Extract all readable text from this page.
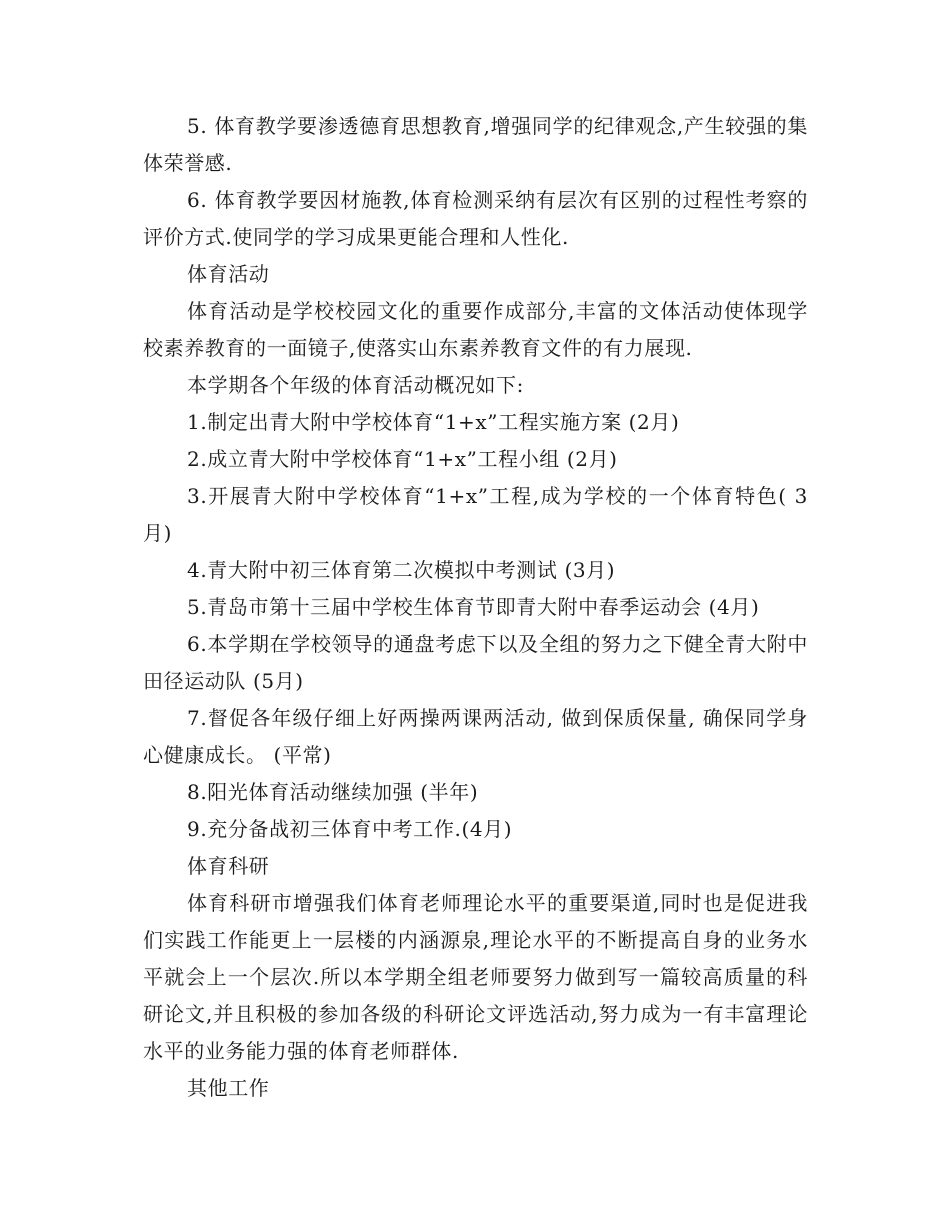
5. 体育教学要渗透德育思想教育,增强同学的纪律观念,产生较强的集体荣誉感.

6. 体育教学要因材施教,体育检测采纳有层次有区别的过程性考察的评价方式.使同学的学习成果更能合理和人性化.

体育活动

体育活动是学校校园文化的重要作成部分,丰富的文体活动使体现学校素养教育的一面镜子,使落实山东素养教育文件的有力展现.

本学期各个年级的体育活动概况如下:

1.制定出青大附中学校体育“1+x”工程实施方案 (2月)

2.成立青大附中学校体育“1+x”工程小组 (2月)

3.开展青大附中学校体育“1+x”工程,成为学校的一个体育特色( 3月)

4.青大附中初三体育第二次模拟中考测试 (3月)

5.青岛市第十三届中学校生体育节即青大附中春季运动会 (4月)

6.本学期在学校领导的通盘考虑下以及全组的努力之下健全青大附中田径运动队 (5月)

7.督促各年级仔细上好两操两课两活动, 做到保质保量, 确保同学身心健康成长。 (平常)

8.阳光体育活动继续加强 (半年)

9.充分备战初三体育中考工作.(4月)

体育科研

体育科研市增强我们体育老师理论水平的重要渠道,同时也是促进我们实践工作能更上一层楼的内涵源泉,理论水平的不断提高自身的业务水平就会上一个层次.所以本学期全组老师要努力做到写一篇较高质量的科研论文,并且积极的参加各级的科研论文评选活动,努力成为一有丰富理论水平的业务能力强的体育老师群体.

其他工作
